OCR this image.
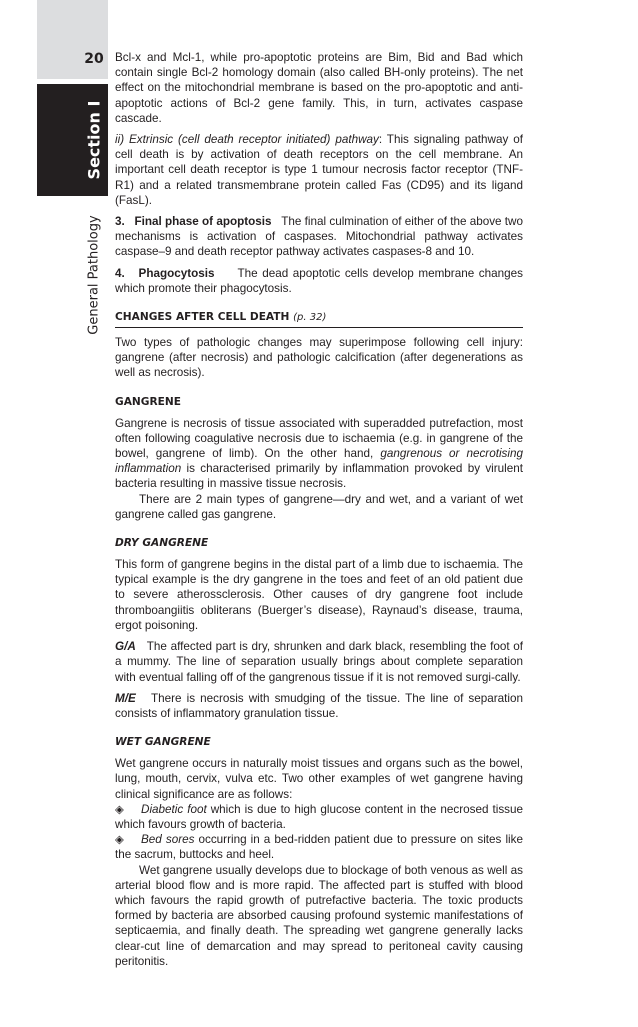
20
Section I
General Pathology

Bcl-x and Mcl-1, while pro-apoptotic proteins are Bim, Bid and Bad which contain single Bcl-2 homology domain (also called BH-only proteins). The net effect on the mitochondrial membrane is based on the pro-apoptotic and anti-apoptotic actions of Bcl-2 gene family. This, in turn, activates caspase cascade.

ii) Extrinsic (cell death receptor initiated) pathway: This signaling pathway of cell death is by activation of death receptors on the cell membrane. An important cell death receptor is type 1 tumour necrosis factor receptor (TNF-R1) and a related transmembrane protein called Fas (CD95) and its ligand (FasL).

3.   Final phase of apoptosis The final culmination of either of the above two mechanisms is activation of caspases. Mitochondrial pathway activates caspase–9 and death receptor pathway activates caspases-8 and 10.

4.   Phagocytosis The dead apoptotic cells develop membrane changes which promote their phagocytosis.

CHANGES AFTER CELL DEATH (p. 32)

Two types of pathologic changes may superimpose following cell injury: gangrene (after necrosis) and pathologic calcification (after degenerations as well as necrosis).

GANGRENE

Gangrene is necrosis of tissue associated with superadded putrefaction, most often following coagulative necrosis due to ischaemia (e.g. in gangrene of the bowel, gangrene of limb). On the other hand, gangrenous or necrotising inflammation is characterised primarily by inflammation provoked by virulent bacteria resulting in massive tissue necrosis.

There are 2 main types of gangrene—dry and wet, and a variant of wet gangrene called gas gangrene.

DRY GANGRENE

This form of gangrene begins in the distal part of a limb due to ischaemia. The typical example is the dry gangrene in the toes and feet of an old patient due to severe atherossclerosis. Other causes of dry gangrene foot include thromboangiitis obliterans (Buerger’s disease), Raynaud’s disease, trauma, ergot poisoning.

G/A The affected part is dry, shrunken and dark black, resembling the foot of a mummy. The line of separation usually brings about complete separation with eventual falling off of the gangrenous tissue if it is not removed surgi-cally.

M/E There is necrosis with smudging of the tissue. The line of separation consists of inflammatory granulation tissue.

WET GANGRENE

Wet gangrene occurs in naturally moist tissues and organs such as the bowel, lung, mouth, cervix, vulva etc. Two other examples of wet gangrene having clinical significance are as follows:

◈ Diabetic foot which is due to high glucose content in the necrosed tissue which favours growth of bacteria.

◈ Bed sores occurring in a bed-ridden patient due to pressure on sites like the sacrum, buttocks and heel.

Wet gangrene usually develops due to blockage of both venous as well as arterial blood flow and is more rapid. The affected part is stuffed with blood which favours the rapid growth of putrefactive bacteria. The toxic products formed by bacteria are absorbed causing profound systemic manifestations of septicaemia, and finally death. The spreading wet gangrene generally lacks clear-cut line of demarcation and may spread to peritoneal cavity causing peritonitis.
